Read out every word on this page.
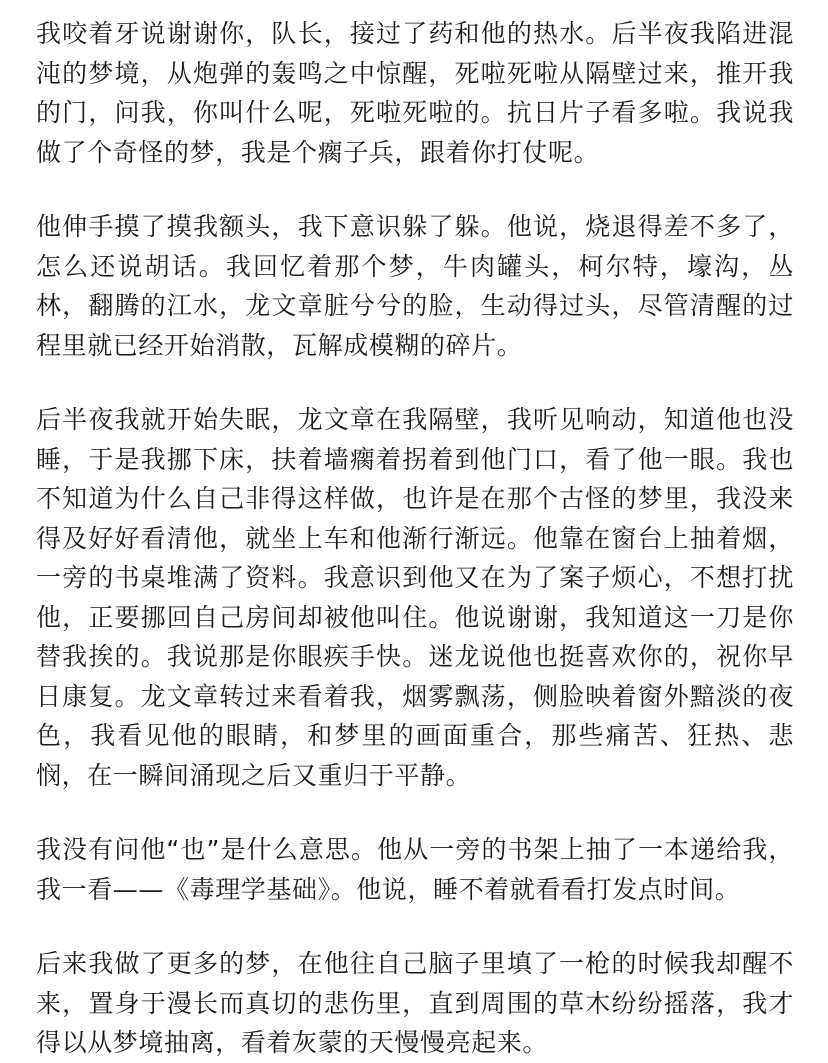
我咬着牙说谢谢你，队长，接过了药和他的热水。后半夜我陷进混沌的梦境，从炮弹的轰鸣之中惊醒，死啦死啦从隔壁过来，推开我的门，问我，你叫什么呢，死啦死啦的。抗日片子看多啦。我说我做了个奇怪的梦，我是个瘸子兵，跟着你打仗呢。

他伸手摸了摸我额头，我下意识躲了躲。他说，烧退得差不多了，怎么还说胡话。我回忆着那个梦，牛肉罐头，柯尔特，壕沟，丛林，翻腾的江水，龙文章脏兮兮的脸，生动得过头，尽管清醒的过程里就已经开始消散，瓦解成模糊的碎片。

后半夜我就开始失眠，龙文章在我隔壁，我听见响动，知道他也没睡，于是我挪下床，扶着墙瘸着拐着到他门口，看了他一眼。我也不知道为什么自己非得这样做，也许是在那个古怪的梦里，我没来得及好好看清他，就坐上车和他渐行渐远。他靠在窗台上抽着烟，一旁的书桌堆满了资料。我意识到他又在为了案子烦心，不想打扰他，正要挪回自己房间却被他叫住。他说谢谢，我知道这一刀是你替我挨的。我说那是你眼疾手快。迷龙说他也挺喜欢你的，祝你早日康复。龙文章转过来看着我，烟雾飘荡，侧脸映着窗外黯淡的夜色，我看见他的眼睛，和梦里的画面重合，那些痛苦、狂热、悲悯，在一瞬间涌现之后又重归于平静。

我没有问他“也”是什么意思。他从一旁的书架上抽了一本递给我，我一看——《毒理学基础》。他说，睡不着就看看打发点时间。

后来我做了更多的梦，在他往自己脑子里填了一枪的时候我却醒不来，置身于漫长而真切的悲伤里，直到周围的草木纷纷摇落，我才得以从梦境抽离，看着灰蒙的天慢慢亮起来。
